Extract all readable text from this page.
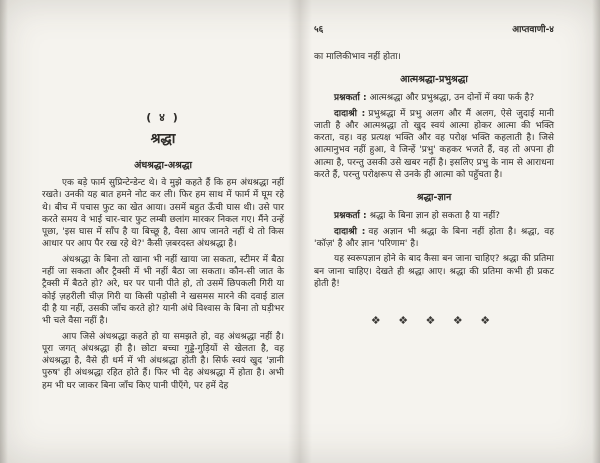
( ४ )
श्रद्धा
अंधश्रद्धा-अश्रद्धा

एक बड़े फार्म सुप्रिन्टेन्डेन्ट थे। वे मुझे कहते हैं कि हम अंधश्रद्धा नहीं रखते। उनकी यह बात हमने नोट कर ली। फिर हम साथ में फार्म में घूम रहे थे। बीच में पचास फुट का खेत आया। उसमें बहुत ऊँची घास थी। उसे पार करते समय वे भाई चार-चार फुट लम्बी छलांग मारकर निकल गए। मैंने उन्हें पूछा, 'इस घास में साँप है या बिच्छू है, वैसा आप जानते नहीं थे तो किस आधार पर आप पैर रख रहे थे?' कैसी ज़बरदस्त अंधश्रद्धा है।

अंधश्रद्धा के बिना तो खाना भी नहीं खाया जा सकता, स्टीमर में बैठा नहीं जा सकता और ट्रैक्सी में भी नहीं बैठा जा सकता। कौन-सी जात के ट्रैक्सी में बैठते हो? अरे, घर पर पानी पीते हो, तो उसमें छिपकली गिरी या कोई ज़हरीली चीज़ गिरी या किसी पड़ोसी ने खसमस मारने की दवाई डाल दी है या नहीं, उसकी जाँच करते हो? यानी अंधे विश्वास के बिना तो घड़ीभर भी चले वैसा नहीं है।

आप जिसे अंधश्रद्धा कहते हो या समझते हो, वह अंधश्रद्धा नहीं है। पूरा जगत् अंधश्रद्धा ही है। छोटा बच्चा गुड्डे-गुड़ियों से खेलता है, वह अंधश्रद्धा है, वैसे ही धर्म में भी अंधश्रद्धा होती है। सिर्फ स्वयं खुद 'ज्ञानी पुरुष' ही अंधश्रद्धा रहित होते हैं। फिर भी देह अंधश्रद्धा में होता है। अभी हम भी घर जाकर बिना जाँच किए पानी पीएँगे, पर हमें देह

५६	आप्तवाणी-४

का मालिकीभाव नहीं होता।

आत्मश्रद्धा-प्रभुश्रद्धा

प्रश्नकर्ता : आत्मश्रद्धा और प्रभुश्रद्धा, उन दोनों में क्या फर्क है?

दादाश्री : प्रभुश्रद्धा में प्रभु अलग और मैं अलग, ऐसे जुदाई मानी जाती है और आत्मश्रद्धा तो खुद स्वयं आत्मा होकर आत्मा की भक्ति करता, वह। वह प्रत्यक्ष भक्ति और वह परोक्ष भक्ति कहलाती है। जिसे आत्मानुभव नहीं हुआ, वे जिन्हें 'प्रभु' कहकर भजते हैं, वह तो अपना ही आत्मा है, परन्तु उसकी उसे खबर नहीं है। इसलिए प्रभु के नाम से आराधना करते हैं, परन्तु परोक्षरूप से उनके ही आत्मा को पहुँचता है।

श्रद्धा-ज्ञान

प्रश्नकर्ता : श्रद्धा के बिना ज्ञान हो सकता है या नहीं?

दादाश्री : वह अज्ञान भी श्रद्धा के बिना नहीं होता है। श्रद्धा, वह 'कॉज़' है और ज्ञान 'परिणाम' है।

यह स्वरूपज्ञान होने के बाद कैसा बन जाना चाहिए? श्रद्धा की प्रतिमा बन जाना चाहिए। देखते ही श्रद्धा आए। श्रद्धा की प्रतिमा कभी ही प्रकट होती है!

❖ ❖ ❖ ❖ ❖
